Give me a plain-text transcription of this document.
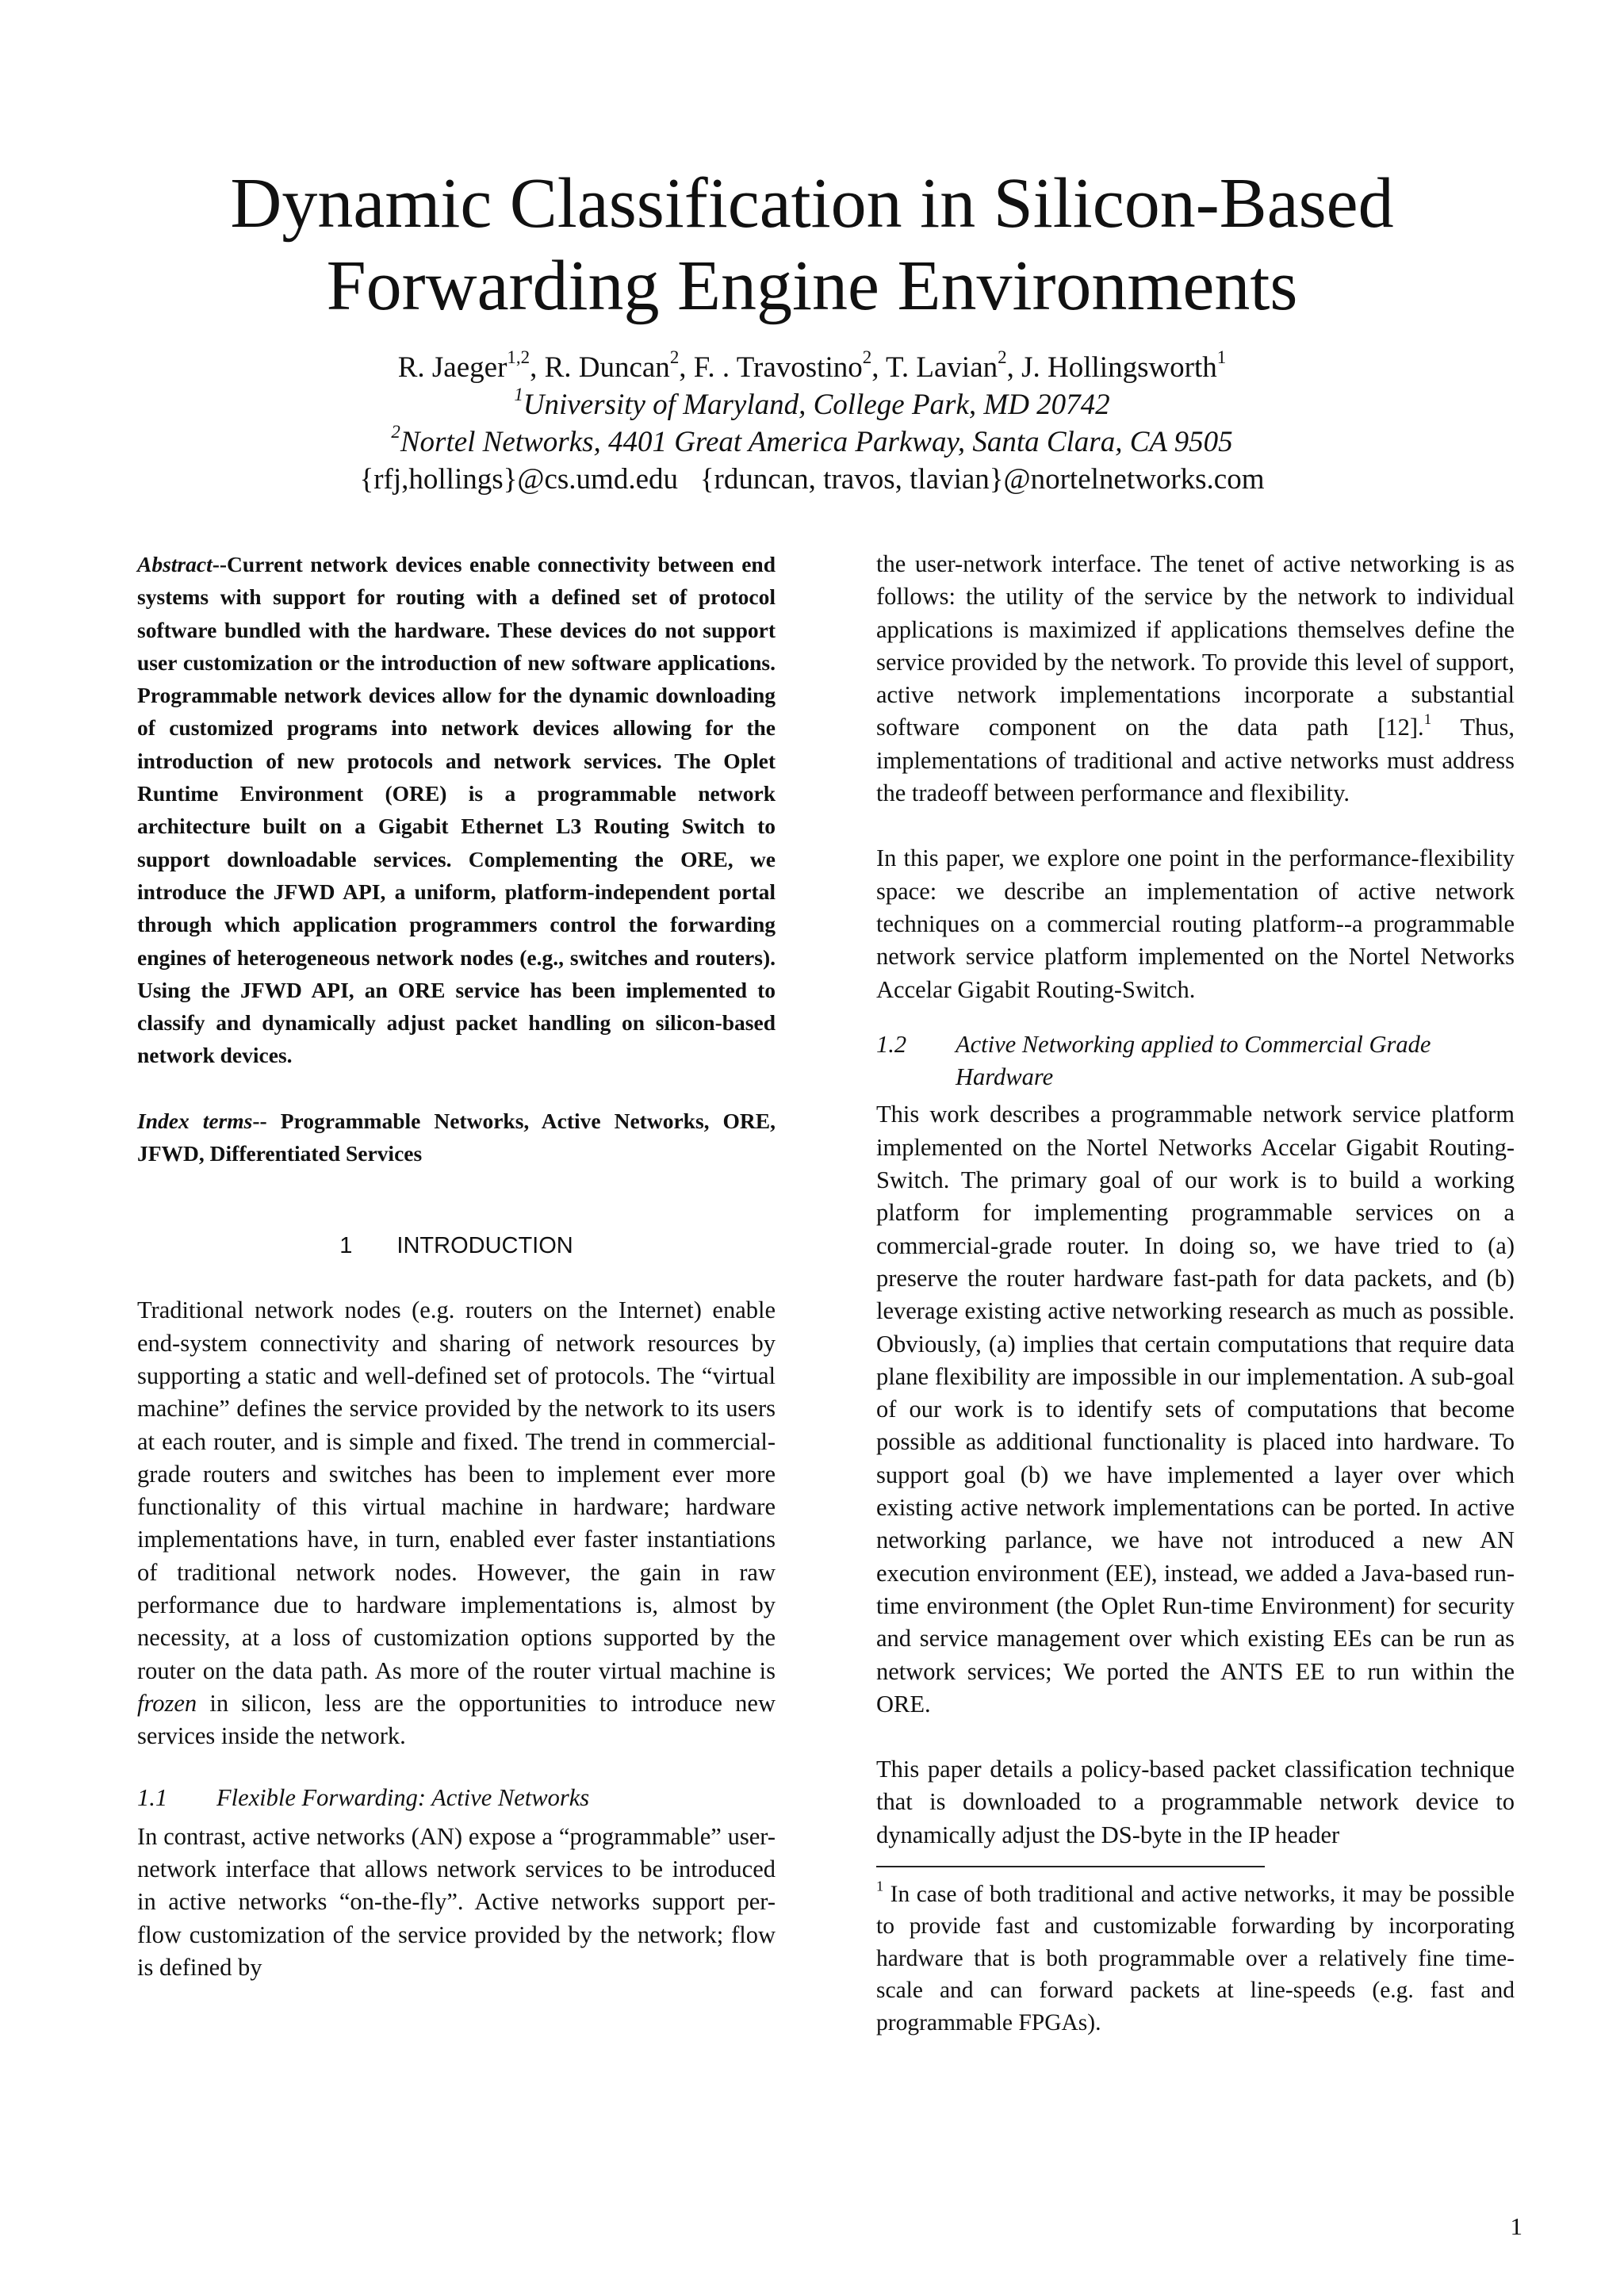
Dynamic Classification in Silicon-Based Forwarding Engine Environments
R. Jaeger$^{1,2}$, R. Duncan$^2$, F. . Travostino$^2$, T. Lavian$^2$, J. Hollingsworth$^1$
$^1$University of Maryland, College Park, MD 20742
$^2$Nortel Networks, 4401 Great America Parkway, Santa Clara, CA 9505
{rfj,hollings}@cs.umd.edu   {rduncan, travos, tlavian}@nortelnetworks.com

Abstract--Current network devices enable connectivity between end systems with support for routing with a defined set of protocol software bundled with the hardware. These devices do not support user customization or the introduction of new software applications. Programmable network devices allow for the dynamic downloading of customized programs into network devices allowing for the introduction of new protocols and network services. The Oplet Runtime Environment (ORE) is a programmable network architecture built on a Gigabit Ethernet L3 Routing Switch to support downloadable services. Complementing the ORE, we introduce the JFWD API, a uniform, platform-independent portal through which application programmers control the forwarding engines of heterogeneous network nodes (e.g., switches and routers). Using the JFWD API, an ORE service has been implemented to classify and dynamically adjust packet handling on silicon-based network devices.

Index terms-- Programmable Networks, Active Networks, ORE, JFWD, Differentiated Services

1 INTRODUCTION

Traditional network nodes (e.g. routers on the Internet) enable end-system connectivity and sharing of network resources by supporting a static and well-defined set of protocols. The “virtual machine” defines the service provided by the network to its users at each router, and is simple and fixed. The trend in commercial-grade routers and switches has been to implement ever more functionality of this virtual machine in hardware; hardware implementations have, in turn, enabled ever faster instantiations of traditional network nodes. However, the gain in raw performance due to hardware implementations is, almost by necessity, at a loss of customization options supported by the router on the data path. As more of the router virtual machine is frozen in silicon, less are the opportunities to introduce new services inside the network.

1.1 Flexible Forwarding: Active Networks

In contrast, active networks (AN) expose a “programmable” user-network interface that allows network services to be introduced in active networks “on-the-fly”. Active networks support per-flow customization of the service provided by the network; flow is defined by

the user-network interface. The tenet of active networking is as follows: the utility of the service by the network to individual applications is maximized if applications themselves define the service provided by the network. To provide this level of support, active network implementations incorporate a substantial software component on the data path [12].$^1$ Thus, implementations of traditional and active networks must address the tradeoff between performance and flexibility.

In this paper, we explore one point in the performance-flexibility space: we describe an implementation of active network techniques on a commercial routing platform--a programmable network service platform implemented on the Nortel Networks Accelar Gigabit Routing-Switch.

1.2 Active Networking applied to Commercial Grade
Hardware

This work describes a programmable network service platform implemented on the Nortel Networks Accelar Gigabit Routing-Switch. The primary goal of our work is to build a working platform for implementing programmable services on a commercial-grade router. In doing so, we have tried to (a) preserve the router hardware fast-path for data packets, and (b) leverage existing active networking research as much as possible. Obviously, (a) implies that certain computations that require data plane flexibility are impossible in our implementation. A sub-goal of our work is to identify sets of computations that become possible as additional functionality is placed into hardware. To support goal (b) we have implemented a layer over which existing active network implementations can be ported. In active networking parlance, we have not introduced a new AN execution environment (EE), instead, we added a Java-based run-time environment (the Oplet Run-time Environment) for security and service management over which existing EEs can be run as network services; We ported the ANTS EE to run within the ORE.

This paper details a policy-based packet classification technique that is downloaded to a programmable network device to dynamically adjust the DS-byte in the IP header

$^1$ In case of both traditional and active networks, it may be possible to provide fast and customizable forwarding by incorporating hardware that is both programmable over a relatively fine time-scale and can forward packets at line-speeds (e.g. fast and programmable FPGAs).

1
